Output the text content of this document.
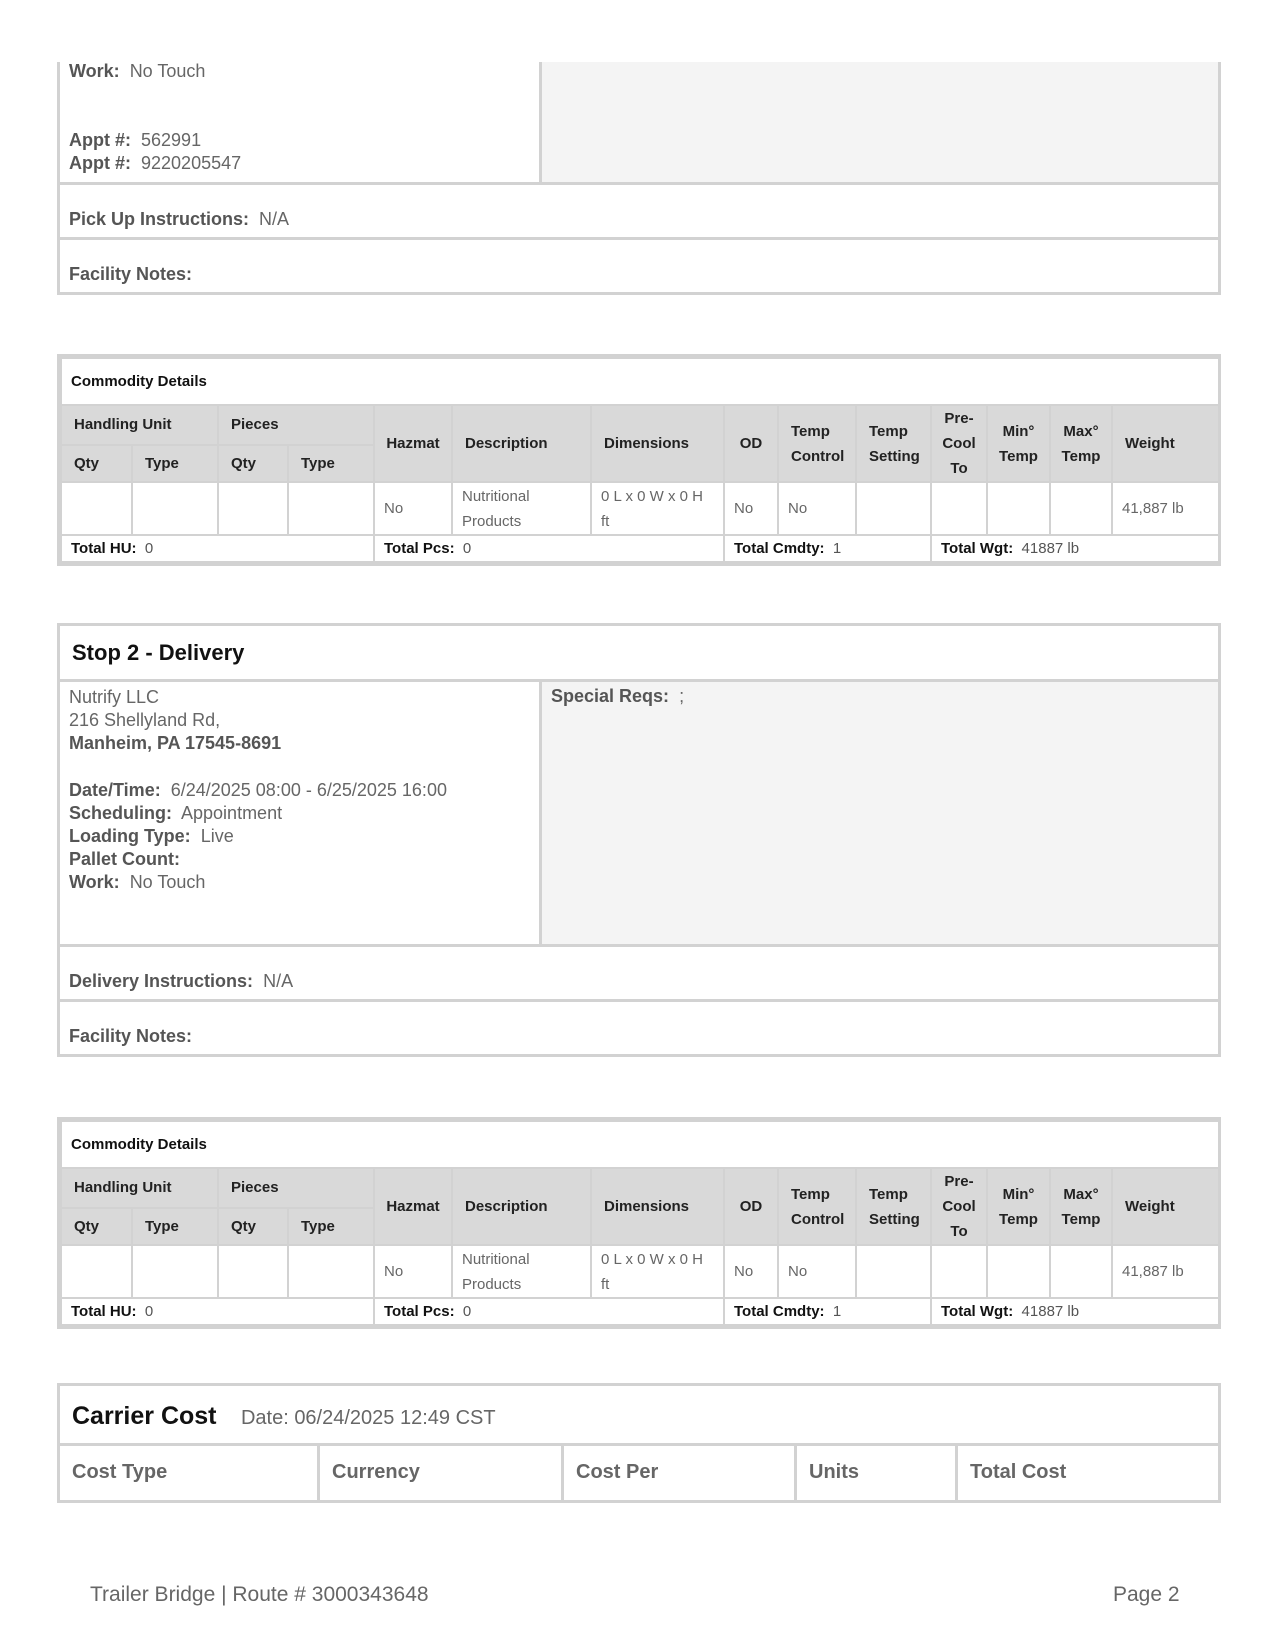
Work: No Touch
Appt #: 562991
Appt #: 9220205547
Pick Up Instructions: N/A
Facility Notes:
Commodity Details													
Handling Unit		Pieces		Hazmat	Description	Dimensions	OD	Temp Control	Temp Setting	Pre-Cool To	Min° Temp	Max° Temp	Weight
Qty	Type	Qty	Type										
				No	Nutritional Products	0 L x 0 W x 0 H ft	No	No					41,887 lb
Total HU: 0				Total Pcs: 0			Total Cmdty: 1			Total Wgt: 41887 lb			
Stop 2 - Delivery
Nutrify LLC
216 Shellyland Rd,
Manheim, PA 17545-8691
Date/Time: 6/24/2025 08:00 - 6/25/2025 16:00
Scheduling: Appointment
Loading Type: Live
Pallet Count:
Work: No Touch
Special Reqs: ;
Delivery Instructions: N/A
Facility Notes:
Commodity Details													
Handling Unit		Pieces		Hazmat	Description	Dimensions	OD	Temp Control	Temp Setting	Pre-Cool To	Min° Temp	Max° Temp	Weight
Qty	Type	Qty	Type										
				No	Nutritional Products	0 L x 0 W x 0 H ft	No	No					41,887 lb
Total HU: 0				Total Pcs: 0			Total Cmdty: 1			Total Wgt: 41887 lb			
Carrier Cost Date: 06/24/2025 12:49 CST
Cost Type	Currency	Cost Per	Units	Total Cost
Trailer Bridge | Route # 3000343648	Page 2
